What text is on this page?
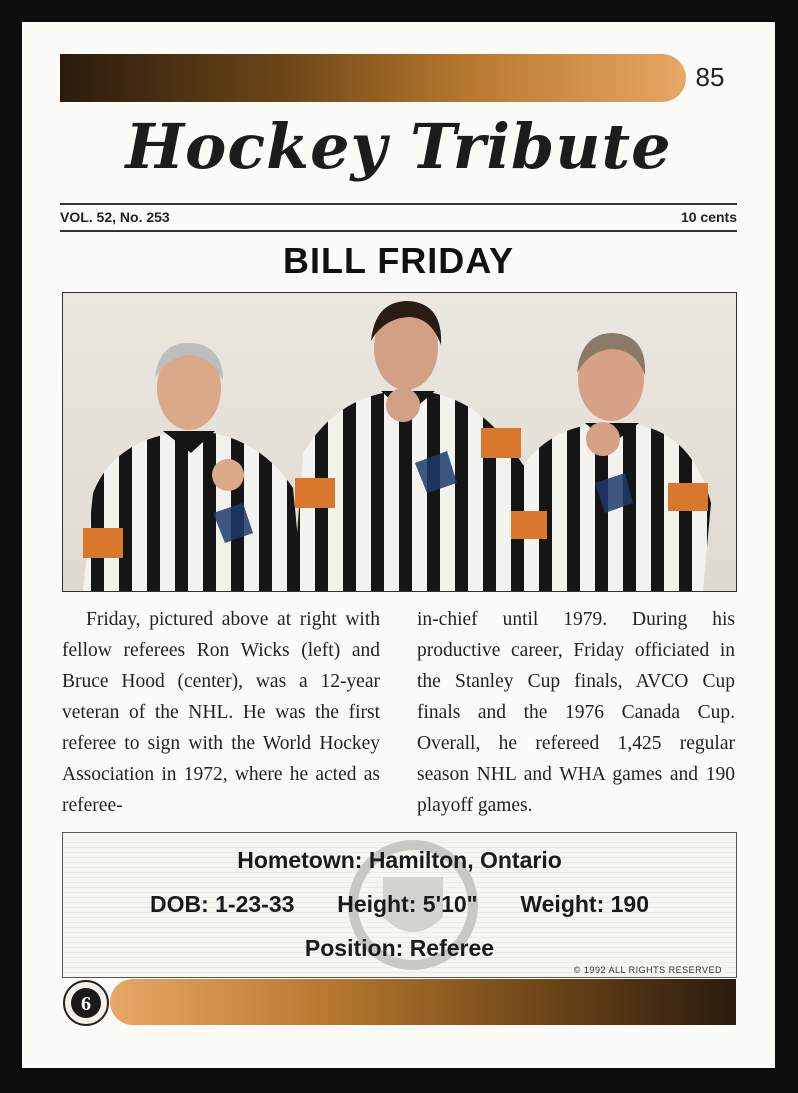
85
Hockey Tribute
VOL. 52, No. 253	10 cents
BILL FRIDAY
Friday, pictured above at right with fellow referees Ron Wicks (left) and Bruce Hood (center), was a 12-year veteran of the NHL. He was the first referee to sign with the World Hockey Association in 1972, where he acted as referee-
in-chief until 1979. During his productive career, Friday officiated in the Stanley Cup finals, AVCO Cup finals and the 1976 Canada Cup. Overall, he refereed 1,425 regular season NHL and WHA games and 190 playoff games.
Hometown: Hamilton, Ontario
DOB: 1-23-33 Height: 5'10" Weight: 190
Position: Referee
© 1992 ALL RIGHTS RESERVED
6
